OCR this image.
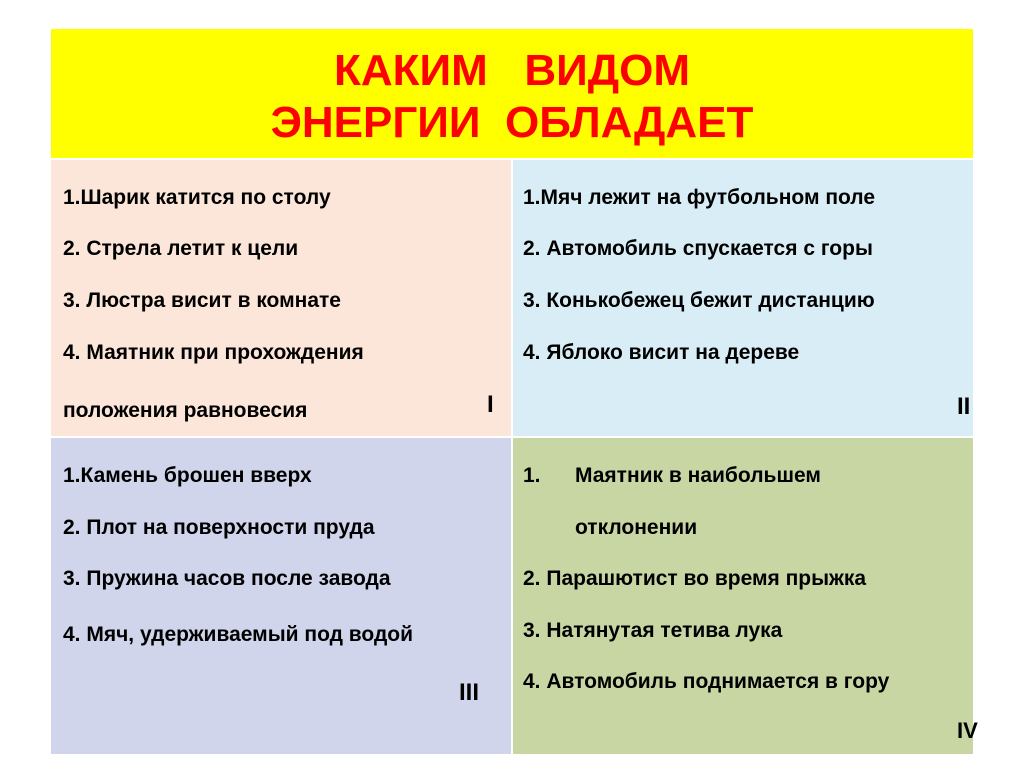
КАКИМ   ВИДОМ
ЭНЕРГИИ  ОБЛАДАЕТ
1.Шарик катится по столу
2. Стрела летит к цели
3. Люстра висит в комнате
4. Маятник при прохождения
положения равновесия	I
1.Мяч лежит на футбольном поле
2. Автомобиль спускается с горы
3. Конькобежец бежит дистанцию
4. Яблоко висит на дереве
II
1.Камень брошен вверх
2. Плот на поверхности пруда
3. Пружина часов после завода
4. Мяч, удерживаемый под водой
III
1. Маятник в наибольшем
отклонении
2. Парашютист во время прыжка
3. Натянутая тетива лука
4. Автомобиль поднимается в гору
IV
